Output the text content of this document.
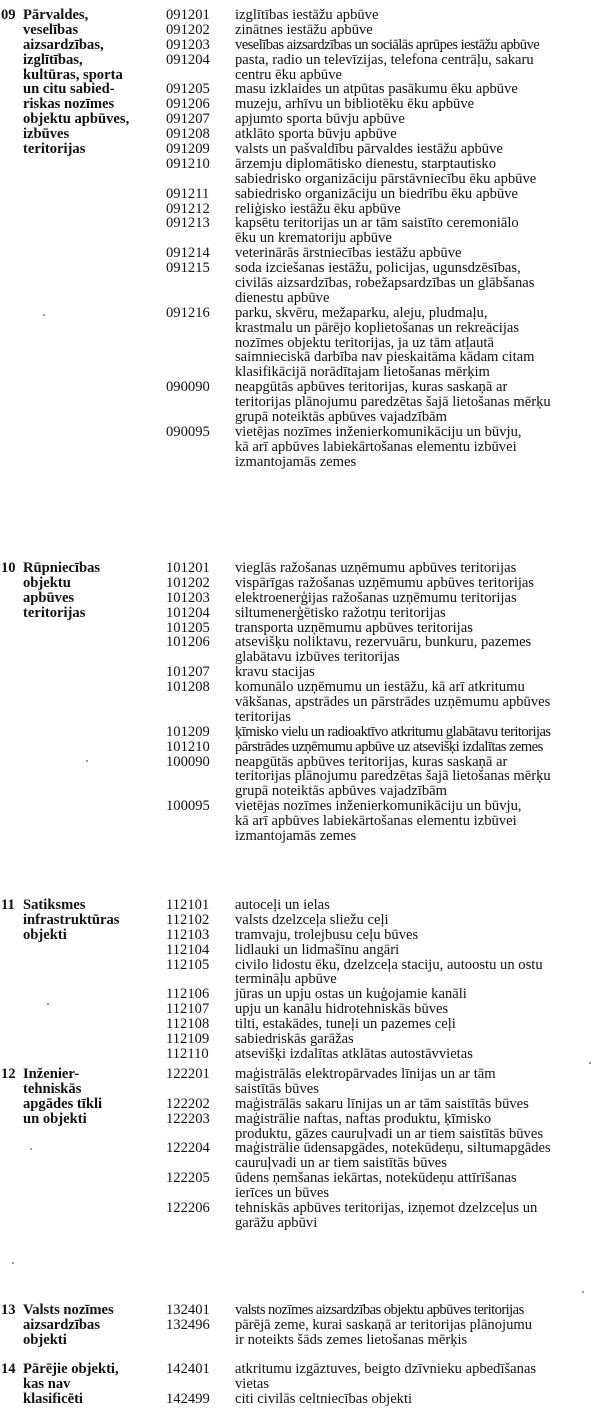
09 Pārvaldes,
veselības
aizsardzības,
izglītības,
kultūras, sporta
un citu sabied-
riskas nozīmes
objektu apbūves,
izbūves
teritorijas
091201	izglītības iestāžu apbūve
091202	zinātnes iestāžu apbūve
091203	veselības aizsardzības un sociālās aprūpes iestāžu apbūve
091204	pasta, radio un televīzijas, telefona centrāļu, sakaru
centru ēku apbūve
091205	masu izklaides un atpūtas pasākumu ēku apbūve
091206	muzeju, arhīvu un bibliotēku ēku apbūve
091207	apjumto sporta būvju apbūve
091208	atklāto sporta būvju apbūve
091209	valsts un pašvaldību pārvaldes iestāžu apbūve
091210	ārzemju diplomātisko dienestu, starptautisko
sabiedrisko organizāciju pārstāvniecību ēku apbūve
091211	sabiedrisko organizāciju un biedrību ēku apbūve
091212	reliģisko iestāžu ēku apbūve
091213	kapsētu teritorijas un ar tām saistīto ceremoniālo
ēku un krematoriju apbūve
091214	veterinārās ārstniecības iestāžu apbūve
091215	soda izciešanas iestāžu, policijas, ugunsdzēsības,
civilās aizsardzības, robežapsardzības un glābšanas
dienestu apbūve
091216	parku, skvēru, mežaparku, aleju, pludmaļu,
krastmalu un pārējo koplietošanas un rekreācijas
nozīmes objektu teritorijas, ja uz tām atļautā
saimnieciskā darbība nav pieskaitāma kādam citam
klasifikācijā norādītajam lietošanas mērķim
090090	neapgūtās apbūves teritorijas, kuras saskaņā ar
teritorijas plānojumu paredzētas šajā lietošanas mērķu
grupā noteiktās apbūves vajadzībām
090095	vietējas nozīmes inženierkomunikāciju un būvju,
kā arī apbūves labiekārtošanas elementu izbūvei
izmantojamās zemes
10 Rūpniecības
objektu
apbūves
teritorijas
101201	vieglās ražošanas uzņēmumu apbūves teritorijas
101202	vispārīgas ražošanas uzņēmumu apbūves teritorijas
101203	elektroenerģijas ražošanas uzņēmumu teritorijas
101204	siltumenerģētisko ražotņu teritorijas
101205	transporta uzņēmumu apbūves teritorijas
101206	atsevišķu noliktavu, rezervuāru, bunkuru, pazemes
glabātavu izbūves teritorijas
101207	kravu stacijas
101208	komunālo uzņēmumu un iestāžu, kā arī atkritumu
vākšanas, apstrādes un pārstrādes uzņēmumu apbūves
teritorijas
101209	ķīmisko vielu un radioaktīvo atkritumu glabātavu teritorijas
101210	pārstrādes uzņēmumu apbūve uz atsevišķi izdalītas zemes
100090	neapgūtās apbūves teritorijas, kuras saskaņā ar
teritorijas plānojumu paredzētas šajā lietošanas mērķu
grupā noteiktās apbūves vajadzībām
100095	vietējas nozīmes inženierkomunikāciju un būvju,
kā arī apbūves labiekārtošanas elementu izbūvei
izmantojamās zemes
11 Satiksmes
infrastruktūras
objekti
112101	autoceļi un ielas
112102	valsts dzelzceļa sliežu ceļi
112103	tramvaju, trolejbusu ceļu būves
112104	lidlauki un lidmašīnu angāri
112105	civilo lidostu ēku, dzelzceļa staciju, autoostu un ostu
termināļu apbūve
112106	jūras un upju ostas un kuģojamie kanāli
112107	upju un kanālu hidrotehniskās būves
112108	tilti, estakādes, tuneļi un pazemes ceļi
112109	sabiedriskās garāžas
112110	atsevišķi izdalītas atklātas autostāvvietas
12 Inženier-
tehniskās
apgādes tīkli
un objekti
122201	maģistrālās elektropārvades līnijas un ar tām
saistītās būves
122202	maģistrālās sakaru līnijas un ar tām saistītās būves
122203	maģistrālie naftas, naftas produktu, ķīmisko
produktu, gāzes cauruļvadi un ar tiem saistītās būves
122204	maģistrālie ūdensapgādes, notekūdeņu, siltumapgādes
cauruļvadi un ar tiem saistītās būves
122205	ūdens ņemšanas iekārtas, notekūdeņu attīrīšanas
ierīces un būves
122206	tehniskās apbūves teritorijas, izņemot dzelzceļus un
garāžu apbūvi
13 Valsts nozīmes
aizsardzības
objekti
132401	valsts nozīmes aizsardzības objektu apbūves teritorijas
132496	pārējā zeme, kurai saskaņā ar teritorijas plānojumu
ir noteikts šāds zemes lietošanas mērķis
14 Pārējie objekti,
kas nav
klasificēti
142401	atkritumu izgāztuves, beigto dzīvnieku apbedīšanas
vietas
142499	citi civilās celtniecības objekti
